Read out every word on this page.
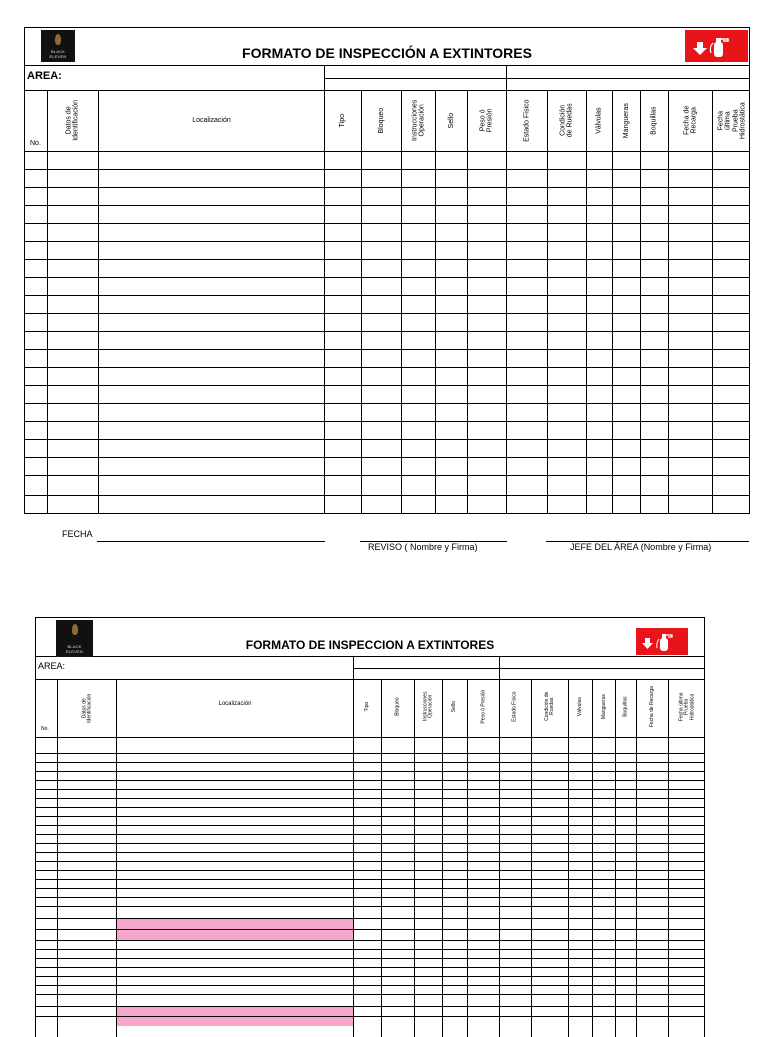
BLACK
ELEVEN	FORMATO DE INSPECCIÓN A EXTINTORES
AREA:
No.
Datos de Identificación	Localización	Tipo	Bloqueo	Instrucciones Operación	Sello	Peso ó Presión	Estado Físico	Condición de Ruedas	Válvulas	Mangueras	Boquillas	Fecha de Recarga	Fecha última Prueba Hidrostática
FECHA
REVISO ( Nombre y Firma)	JEFE DEL ÁREA (Nombre y Firma)
BLACK
ELEVEN	FORMATO DE INSPECCION A EXTINTORES
AREA:
No.
Datos de Identificación	Localización	Tipo	Bloqueo	Instrucciones Operación	Sello	Peso ó Presión	Estado Físico	Condición de Ruedas	Válvulas	Mangueras	Boquillas	Fecha de Recarga	Fecha última Prueba Hidrostática
